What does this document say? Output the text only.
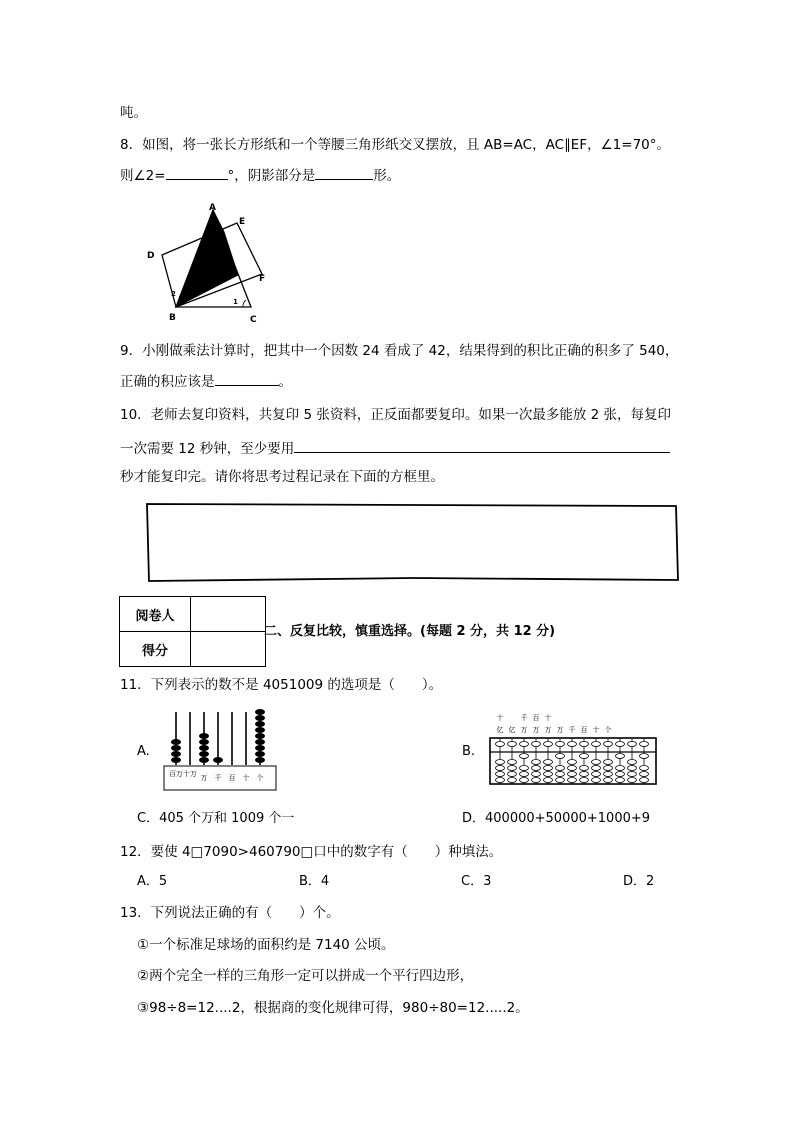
吨。
8．如图，将一张长方形纸和一个等腰三角形纸交叉摆放，且 AB=AC，AC∥EF，∠1=70°。
则∠2=	°，阴影部分是	形。
A
E
D
F
B	C
1
2
9．小刚做乘法计算时，把其中一个因数 24 看成了 42，结果得到的积比正确的积多了 540，
正确的积应该是	。
10．老师去复印资料，共复印 5 张资料，正反面都要复印。如果一次最多能放 2 张，每复印
一次需要 12 秒钟，至少要用
秒才能复印完。请你将思考过程记录在下面的方框里。
阅卷人	
得分	
二、反复比较，慎重选择。(每题 2 分，共 12 分)
11．下列表示的数不是 4051009 的选项是（　　）。
A.
百万 十万 万 千 百 十 个
B.
十 千 百 十
亿 亿 万 万 万 万 千 百 十 个
C．405 个万和 1009 个一	D．400000+50000+1000+9
12．要使 4□7090>460790□口中的数字有（　　）种填法。
A．5	B．4	C．3	D．2
13．下列说法正确的有（　　）个。
①一个标准足球场的面积约是 7140 公顷。
②两个完全一样的三角形一定可以拼成一个平行四边形，
③98÷8=12....2，根据商的变化规律可得，980÷80=12.....2。
